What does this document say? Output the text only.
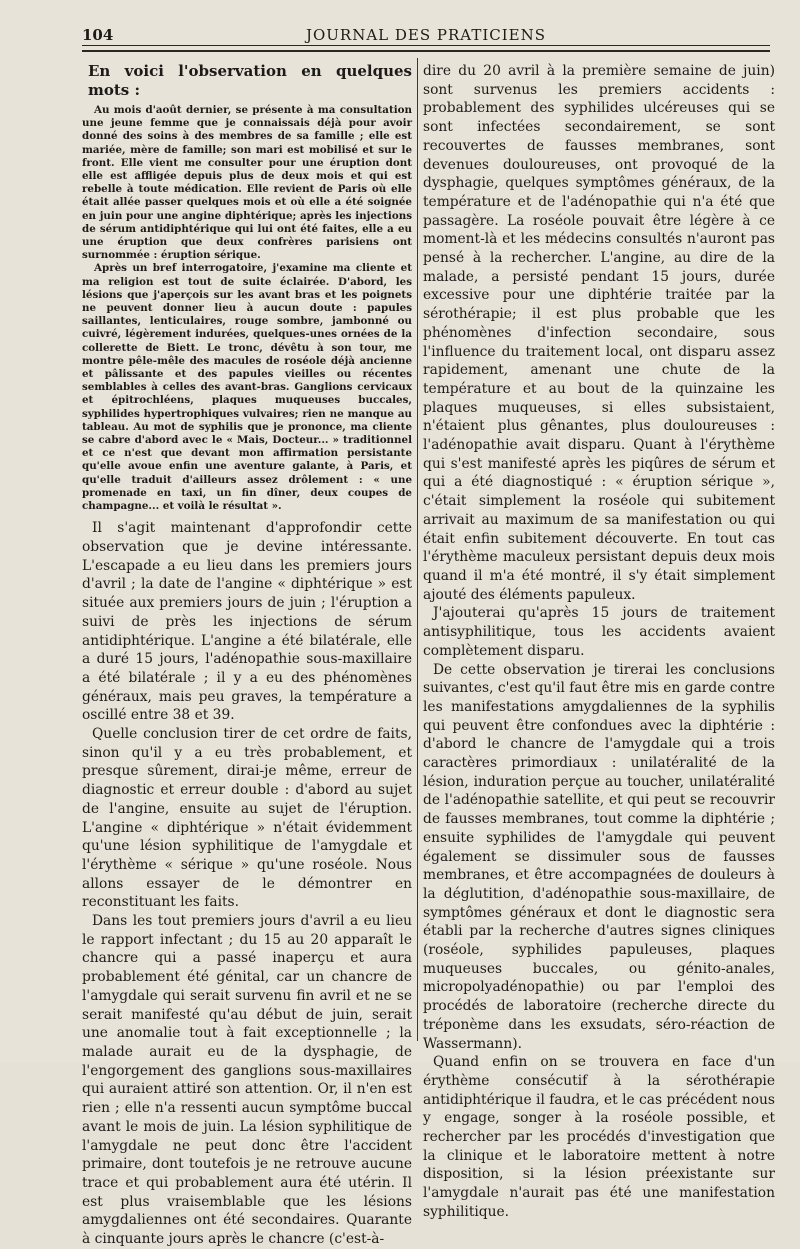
104	JOURNAL DES PRATICIENS

En voici l'observation en quelques mots :

Au mois d'août dernier, se présente à ma consultation une jeune femme que je connaissais déjà pour avoir donné des soins à des membres de sa famille ; elle est mariée, mère de famille; son mari est mobilisé et sur le front. Elle vient me consulter pour une éruption dont elle est affligée depuis plus de deux mois et qui est rebelle à toute médication. Elle revient de Paris où elle était allée passer quelques mois et où elle a été soignée en juin pour une angine diphtérique; après les injections de sérum antidiphtérique qui lui ont été faites, elle a eu une éruption que deux confrères parisiens ont surnommée : éruption sérique.

Après un bref interrogatoire, j'examine ma cliente et ma religion est tout de suite éclairée. D'abord, les lésions que j'aperçois sur les avant bras et les poignets ne peuvent donner lieu à aucun doute : papules saillantes, lenticulaires, rouge sombre, jambonné ou cuivré, légèrement indurées, quelques-unes ornées de la collerette de Biett. Le tronc, dévêtu à son tour, me montre pêle-mêle des macules de roséole déjà ancienne et pâlissante et des papules vieilles ou récentes semblables à celles des avant-bras. Ganglions cervicaux et épitrochléens, plaques muqueuses buccales, syphilides hypertrophiques vulvaires; rien ne manque au tableau. Au mot de syphilis que je prononce, ma cliente se cabre d'abord avec le « Mais, Docteur... » traditionnel et ce n'est que devant mon affirmation persistante qu'elle avoue enfin une aventure galante, à Paris, et qu'elle traduit d'ailleurs assez drôlement : « une promenade en taxi, un fin dîner, deux coupes de champagne... et voilà le résultat ».

Il s'agit maintenant d'approfondir cette observation que je devine intéressante. L'escapade a eu lieu dans les premiers jours d'avril ; la date de l'angine « diphtérique » est située aux premiers jours de juin ; l'éruption a suivi de près les injections de sérum antidiphtérique. L'angine a été bilatérale, elle a duré 15 jours, l'adénopathie sous-maxillaire a été bilatérale ; il y a eu des phénomènes généraux, mais peu graves, la température a oscillé entre 38 et 39.

Quelle conclusion tirer de cet ordre de faits, sinon qu'il y a eu très probablement, et presque sûrement, dirai-je même, erreur de diagnostic et erreur double : d'abord au sujet de l'angine, ensuite au sujet de l'éruption. L'angine « diphtérique » n'était évidemment qu'une lésion syphilitique de l'amygdale et l'érythème « sérique » qu'une roséole. Nous allons essayer de le démontrer en reconstituant les faits.

Dans les tout premiers jours d'avril a eu lieu le rapport infectant ; du 15 au 20 apparaît le chancre qui a passé inaperçu et aura probablement été génital, car un chancre de l'amygdale qui serait survenu fin avril et ne se serait manifesté qu'au début de juin, serait une anomalie tout à fait exceptionnelle ; la malade aurait eu de la dysphagie, de l'engorgement des ganglions sous-maxillaires qui auraient attiré son attention. Or, il n'en est rien ; elle n'a ressenti aucun symptôme buccal avant le mois de juin. La lésion syphilitique de l'amygdale ne peut donc être l'accident primaire, dont toutefois je ne retrouve aucune trace et qui probablement aura été utérin. Il est plus vraisemblable que les lésions amygdaliennes ont été secondaires. Quarante à cinquante jours après le chancre (c'est-à-

dire du 20 avril à la première semaine de juin) sont survenus les premiers accidents : probablement des syphilides ulcéreuses qui se sont infectées secondairement, se sont recouvertes de fausses membranes, sont devenues douloureuses, ont provoqué de la dysphagie, quelques symptômes généraux, de la température et de l'adénopathie qui n'a été que passagère. La roséole pouvait être légère à ce moment-là et les médecins consultés n'auront pas pensé à la rechercher. L'angine, au dire de la malade, a persisté pendant 15 jours, durée excessive pour une diphtérie traitée par la sérothérapie; il est plus probable que les phénomènes d'infection secondaire, sous l'influence du traitement local, ont disparu assez rapidement, amenant une chute de la température et au bout de la quinzaine les plaques muqueuses, si elles subsistaient, n'étaient plus gênantes, plus douloureuses : l'adénopathie avait disparu. Quant à l'érythème qui s'est manifesté après les piqûres de sérum et qui a été diagnostiqué : « éruption sérique », c'était simplement la roséole qui subitement arrivait au maximum de sa manifestation ou qui était enfin subitement découverte. En tout cas l'érythème maculeux persistant depuis deux mois quand il m'a été montré, il s'y était simplement ajouté des éléments papuleux.

J'ajouterai qu'après 15 jours de traitement antisyphilitique, tous les accidents avaient complètement disparu.

De cette observation je tirerai les conclusions suivantes, c'est qu'il faut être mis en garde contre les manifestations amygdaliennes de la syphilis qui peuvent être confondues avec la diphtérie : d'abord le chancre de l'amygdale qui a trois caractères primordiaux : unilatéralité de la lésion, induration perçue au toucher, unilatéralité de l'adénopathie satellite, et qui peut se recouvrir de fausses membranes, tout comme la diphtérie ; ensuite syphilides de l'amygdale qui peuvent également se dissimuler sous de fausses membranes, et être accompagnées de douleurs à la déglutition, d'adénopathie sous-maxillaire, de symptômes généraux et dont le diagnostic sera établi par la recherche d'autres signes cliniques (roséole, syphilides papuleuses, plaques muqueuses buccales, ou génito-anales, micropolyadénopathie) ou par l'emploi des procédés de laboratoire (recherche directe du tréponème dans les exsudats, séro-réaction de Wassermann).

Quand enfin on se trouvera en face d'un érythème consécutif à la sérothérapie antidiphtérique il faudra, et le cas précédent nous y engage, songer à la roséole possible, et rechercher par les procédés d'investigation que la clinique et le laboratoire mettent à notre disposition, si la lésion préexistante sur l'amygdale n'aurait pas été une manifestation syphilitique.
